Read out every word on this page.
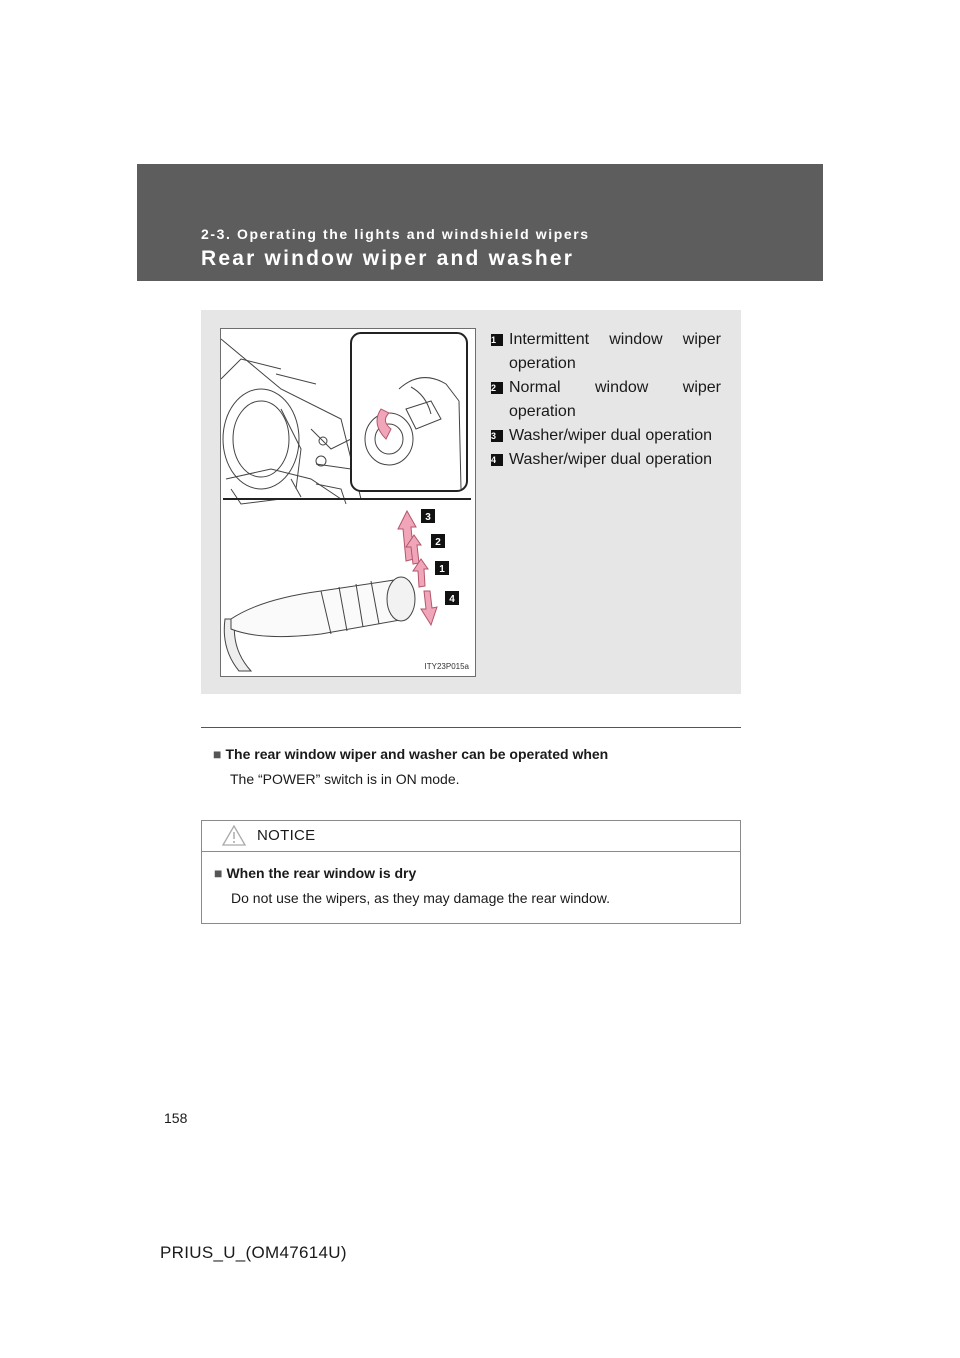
2-3. Operating the lights and windshield wipers
Rear window wiper and washer
3
2
1
4
ITY23P015a
1 Intermittent window wiper operation
2 Normal window wiper operation
3 Washer/wiper dual operation
4 Washer/wiper dual operation
■ The rear window wiper and washer can be operated when
The “POWER” switch is in ON mode.
NOTICE
■ When the rear window is dry
Do not use the wipers, as they may damage the rear window.
158
PRIUS_U_(OM47614U)
